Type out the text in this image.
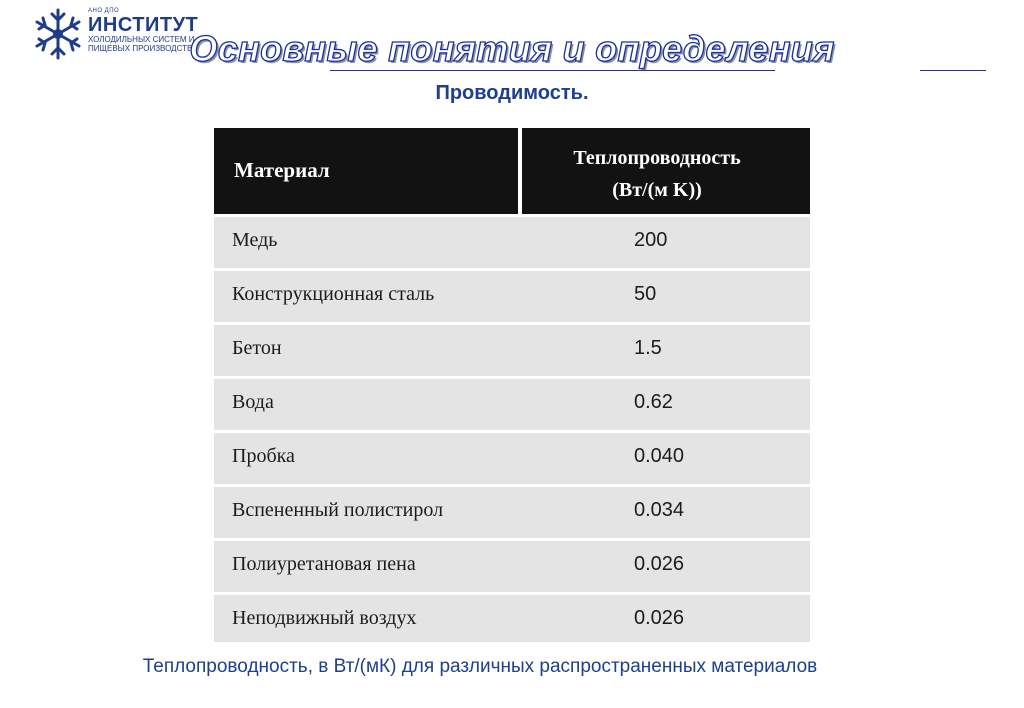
АНО ДПО
ИНСТИТУТ
ХОЛОДИЛЬНЫХ СИСТЕМ И
ПИЩЕВЫХ ПРОИЗВОДСТВ
Основные понятия и определения
Проводимость.
Материал	Теплопроводность
(Вт/(м K))
Медь	200
Конструкционная сталь	50
Бетон	1.5
Вода	0.62
Пробка	0.040
Вспененный полистирол	0.034
Полиуретановая пена	0.026
Неподвижный воздух	0.026
Теплопроводность, в Вт/(мК) для различных распространенных материалов
